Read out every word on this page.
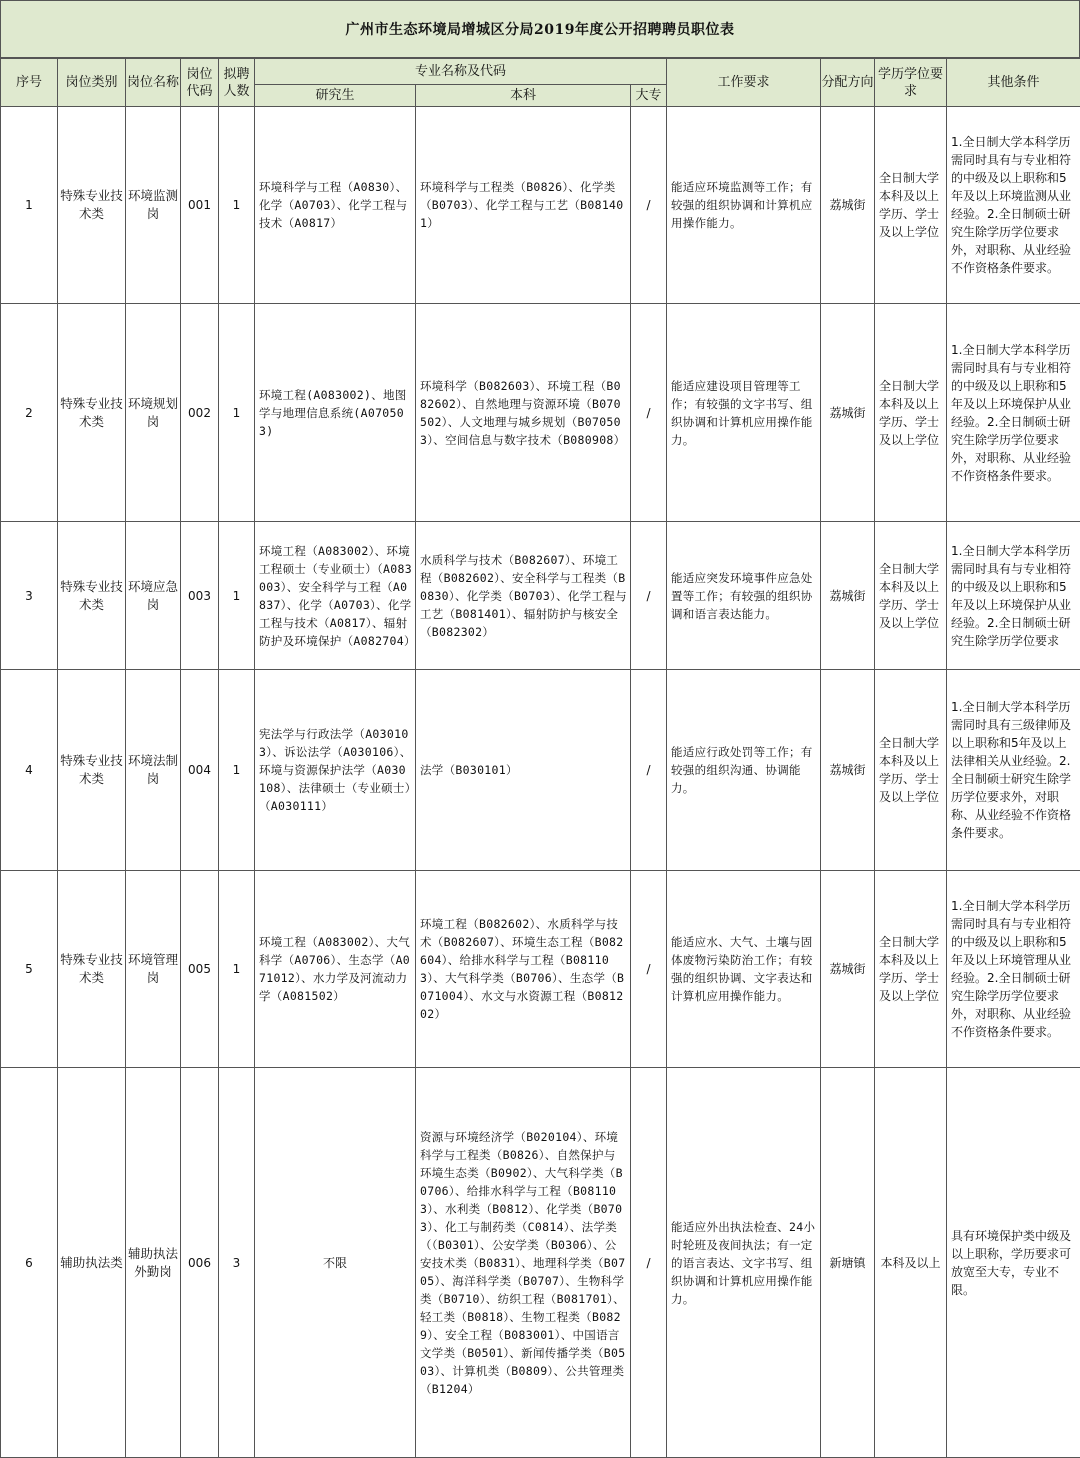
广州市生态环境局增城区分局2019年度公开招聘聘员职位表
序号	岗位类别	岗位名称	岗位代码	拟聘人数	专业名称及代码			工作要求	分配方向	学历学位要求	其他条件
					研究生	本科	大专				
1	特殊专业技术类	环境监测岗	001	1	环境科学与工程（A0830）、化学（A0703）、化学工程与技术（A0817）	环境科学与工程类（B0826）、化学类（B0703）、化学工程与工艺（B081401）	/	能适应环境监测等工作；有较强的组织协调和计算机应用操作能力。	荔城街	全日制大学本科及以上学历、学士及以上学位	1.全日制大学本科学历需同时具有与专业相符的中级及以上职称和5年及以上环境监测从业经验。2.全日制硕士研究生除学历学位要求外，对职称、从业经验不作资格条件要求。
2	特殊专业技术类	环境规划岗	002	1	环境工程(A083002)、地图学与地理信息系统(A070503)	环境科学（B082603）、环境工程（B082602）、自然地理与资源环境（B070502）、人文地理与城乡规划（B070503）、空间信息与数字技术（B080908）	/	能适应建设项目管理等工作；有较强的文字书写、组织协调和计算机应用操作能力。	荔城街	全日制大学本科及以上学历、学士及以上学位	1.全日制大学本科学历需同时具有与专业相符的中级及以上职称和5年及以上环境保护从业经验。2.全日制硕士研究生除学历学位要求外，对职称、从业经验不作资格条件要求。
3	特殊专业技术类	环境应急岗	003	1	环境工程（A083002）、环境工程硕士（专业硕士）（A083003）、安全科学与工程（A0837）、化学（A0703）、化学工程与技术（A0817）、辐射防护及环境保护（A082704）	水质科学与技术（B082607）、环境工程（B082602）、安全科学与工程类（B0830）、化学类（B0703）、化学工程与工艺（B081401）、辐射防护与核安全（B082302）	/	能适应突发环境事件应急处置等工作；有较强的组织协调和语言表达能力。	荔城街	全日制大学本科及以上学历、学士及以上学位	1.全日制大学本科学历需同时具有与专业相符的中级及以上职称和5年及以上环境保护从业经验。2.全日制硕士研究生除学历学位要求
4	特殊专业技术类	环境法制岗	004	1	宪法学与行政法学（A030103）、诉讼法学（A030106）、环境与资源保护法学（A030108）、法律硕士（专业硕士）（A030111）	法学（B030101）	/	能适应行政处罚等工作；有较强的组织沟通、协调能力。	荔城街	全日制大学本科及以上学历、学士及以上学位	1.全日制大学本科学历需同时具有三级律师及以上职称和5年及以上法律相关从业经验。2.全日制硕士研究生除学历学位要求外，对职称、从业经验不作资格条件要求。
5	特殊专业技术类	环境管理岗	005	1	环境工程（A083002）、大气科学（A0706）、生态学（A071012）、水力学及河流动力学（A081502）	环境工程（B082602）、水质科学与技术（B082607）、环境生态工程（B082604）、给排水科学与工程（B081103）、大气科学类（B0706）、生态学（B071004）、水文与水资源工程（B081202）	/	能适应水、大气、土壤与固体废物污染防治工作；有较强的组织协调、文字表达和计算机应用操作能力。	荔城街	全日制大学本科及以上学历、学士及以上学位	1.全日制大学本科学历需同时具有与专业相符的中级及以上职称和5年及以上环境管理从业经验。2.全日制硕士研究生除学历学位要求外，对职称、从业经验不作资格条件要求。
6	辅助执法类	辅助执法外勤岗	006	3	不限	资源与环境经济学（B020104）、环境科学与工程类（B0826）、自然保护与环境生态类（B0902）、大气科学类（B0706）、给排水科学与工程（B081103）、水利类（B0812）、化学类（B0703）、化工与制药类（C0814）、法学类（（B0301）、公安学类（B0306）、公安技术类（B0831）、地理科学类（B0705）、海洋科学类（B0707）、生物科学类（B0710）、纺织工程（B081701）、轻工类（B0818）、生物工程类（B0829）、安全工程（B083001）、中国语言文学类（B0501）、新闻传播学类（B0503）、计算机类（B0809）、公共管理类（B1204）	/	能适应外出执法检查、24小时轮班及夜间执法；有一定的语言表达、文字书写、组织协调和计算机应用操作能力。	新塘镇	本科及以上	具有环境保护类中级及以上职称，学历要求可放宽至大专，专业不限。
